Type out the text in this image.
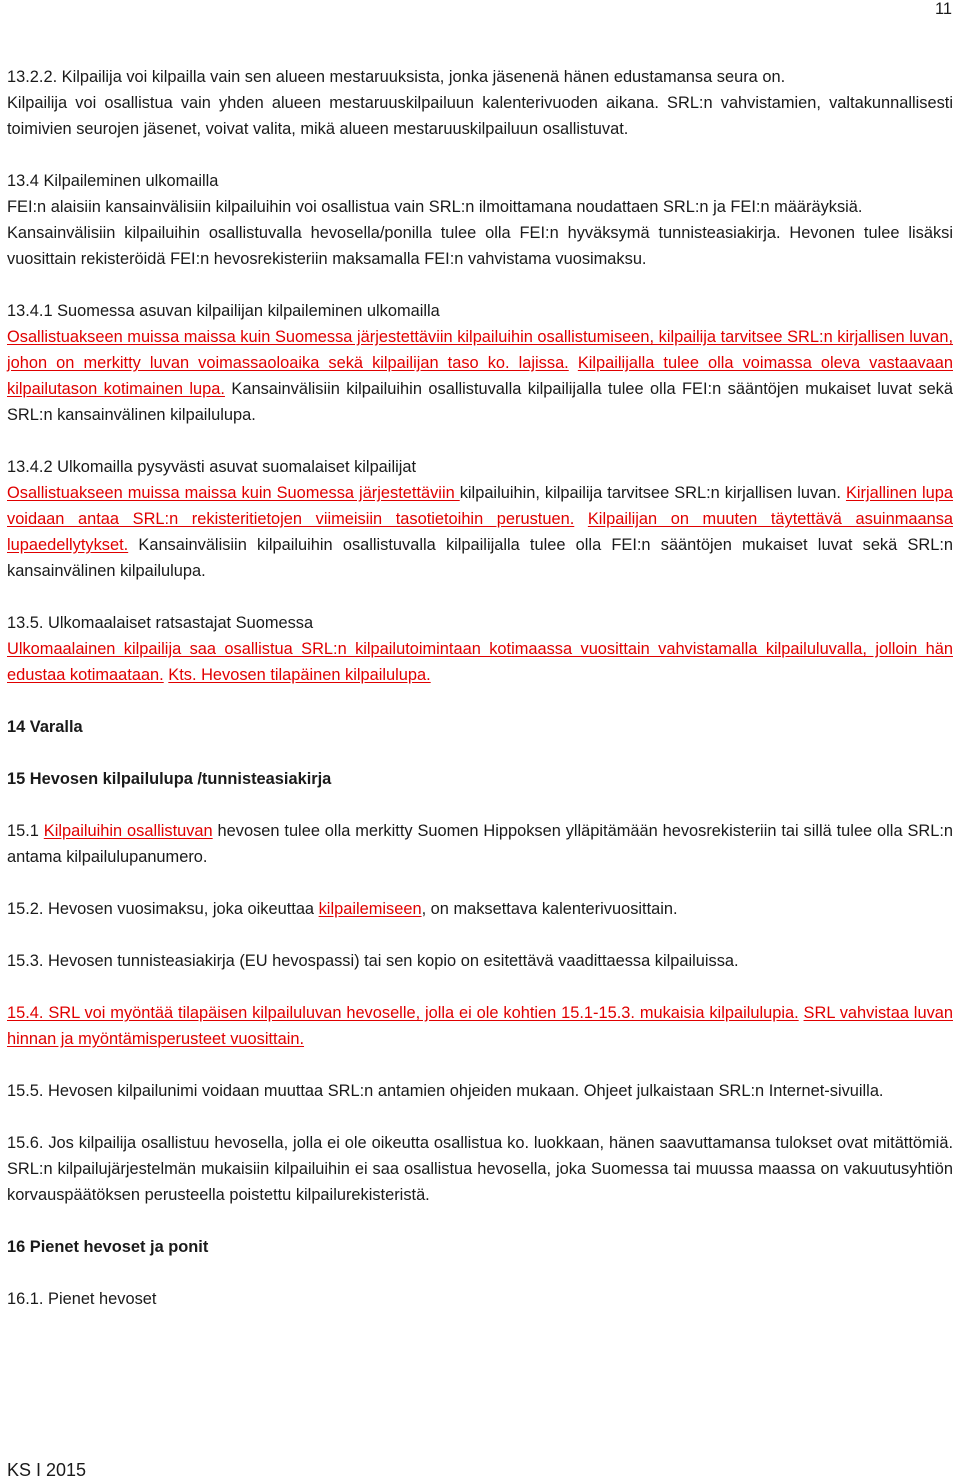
11

13.2.2. Kilpailija voi kilpailla vain sen alueen mestaruuksista, jonka jäsenenä hänen edustamansa seura on.
Kilpailija voi osallistua vain yhden alueen mestaruuskilpailuun kalenterivuoden aikana. SRL:n vahvistamien, valtakunnallisesti toimivien seurojen jäsenet, voivat valita, mikä alueen mestaruuskilpailuun osallistuvat.

13.4 Kilpaileminen ulkomailla
FEI:n alaisiin kansainvälisiin kilpailuihin voi osallistua vain SRL:n ilmoittamana noudattaen SRL:n ja FEI:n määräyksiä.
Kansainvälisiin kilpailuihin osallistuvalla hevosella/ponilla tulee olla FEI:n hyväksymä tunnisteasiakirja. Hevonen tulee lisäksi vuosittain rekisteröidä FEI:n hevosrekisteriin maksamalla FEI:n vahvistama vuosimaksu.
13.4.1 Suomessa asuvan kilpailijan kilpaileminen ulkomailla
Osallistuakseen muissa maissa kuin Suomessa järjestettäviin kilpailuihin osallistumiseen, kilpailija tarvitsee SRL:n kirjallisen luvan, johon on merkitty luvan voimassaoloaika sekä kilpailijan taso ko. lajissa. Kilpailijalla tulee olla voimassa oleva vastaavaan kilpailutason kotimainen lupa. Kansainvälisiin kilpailuihin osallistuvalla kilpailijalla tulee olla FEI:n sääntöjen mukaiset luvat sekä SRL:n kansainvälinen kilpailulupa.
13.4.2 Ulkomailla pysyvästi asuvat suomalaiset kilpailijat
Osallistuakseen muissa maissa kuin Suomessa järjestettäviin kilpailuihin, kilpailija tarvitsee SRL:n kirjallisen luvan. Kirjallinen lupa voidaan antaa SRL:n rekisteritietojen viimeisiin tasotietoihin perustuen. Kilpailijan on muuten täytettävä asuinmaansa lupaedellytykset. Kansainvälisiin kilpailuihin osallistuvalla kilpailijalla tulee olla FEI:n sääntöjen mukaiset luvat sekä SRL:n kansainvälinen kilpailulupa.
13.5. Ulkomaalaiset ratsastajat Suomessa
Ulkomaalainen kilpailija saa osallistua SRL:n kilpailutoimintaan kotimaassa vuosittain vahvistamalla kilpailuluvalla, jolloin hän edustaa kotimaataan. Kts. Hevosen tilapäinen kilpailulupa.
14 Varalla
15 Hevosen kilpailulupa /tunnisteasiakirja

15.1 Kilpailuihin osallistuvan hevosen tulee olla merkitty Suomen Hippoksen ylläpitämään hevosrekisteriin tai sillä tulee olla SRL:n antama kilpailulupanumero.

15.2. Hevosen vuosimaksu, joka oikeuttaa kilpailemiseen, on maksettava kalenterivuosittain.

15.3. Hevosen tunnisteasiakirja (EU hevospassi) tai sen kopio on esitettävä vaadittaessa kilpailuissa.

15.4. SRL voi myöntää tilapäisen kilpailuluvan hevoselle, jolla ei ole kohtien 15.1-15.3. mukaisia kilpailulupia. SRL vahvistaa luvan hinnan ja myöntämisperusteet vuosittain.

15.5. Hevosen kilpailunimi voidaan muuttaa SRL:n antamien ohjeiden mukaan. Ohjeet julkaistaan SRL:n Internet-sivuilla.

15.6. Jos kilpailija osallistuu hevosella, jolla ei ole oikeutta osallistua ko. luokkaan, hänen saavuttamansa tulokset ovat mitättömiä. SRL:n kilpailujärjestelmän mukaisiin kilpailuihin ei saa osallistua hevosella, joka Suomessa tai muussa maassa on vakuutusyhtiön korvauspäätöksen perusteella poistettu kilpailurekisteristä.

16 Pienet hevoset ja ponit

16.1. Pienet hevoset

KS I 2015
